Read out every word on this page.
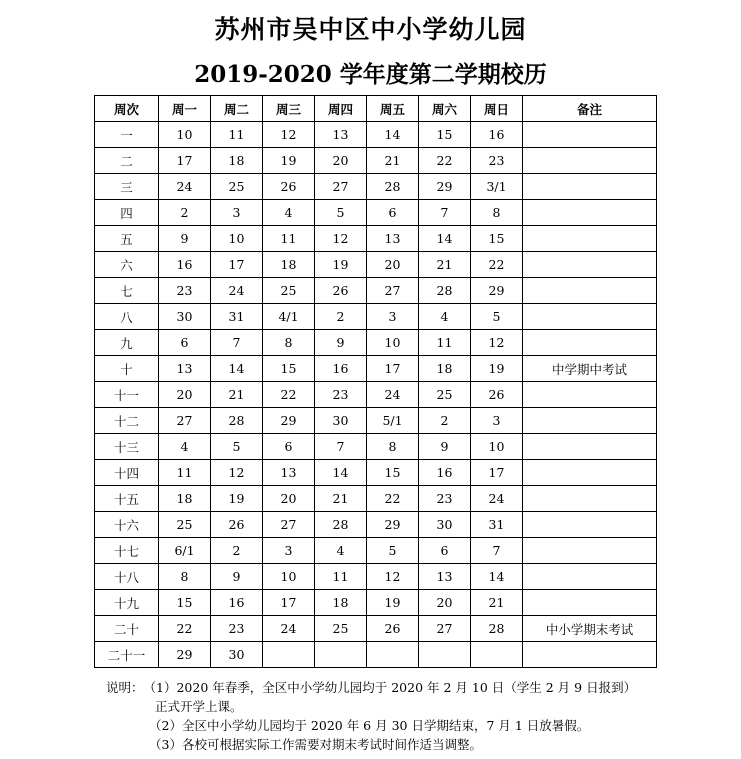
苏州市吴中区中小学幼儿园
2019-2020 学年度第二学期校历
周次	周一	周二	周三	周四	周五	周六	周日	备注
一	10	11	12	13	14	15	16	
二	17	18	19	20	21	22	23	
三	24	25	26	27	28	29	3/1	
四	2	3	4	5	6	7	8	
五	9	10	11	12	13	14	15	
六	16	17	18	19	20	21	22	
七	23	24	25	26	27	28	29	
八	30	31	4/1	2	3	4	5	
九	6	7	8	9	10	11	12	
十	13	14	15	16	17	18	19	中学期中考试
十一	20	21	22	23	24	25	26	
十二	27	28	29	30	5/1	2	3	
十三	4	5	6	7	8	9	10	
十四	11	12	13	14	15	16	17	
十五	18	19	20	21	22	23	24	
十六	25	26	27	28	29	30	31	
十七	6/1	2	3	4	5	6	7	
十八	8	9	10	11	12	13	14	
十九	15	16	17	18	19	20	21	
二十	22	23	24	25	26	27	28	中小学期末考试
二十一	29	30						
说明：（1）2020 年春季，全区中小学幼儿园均于 2020 年 2 月 10 日（学生 2 月 9 日报到）
正式开学上课。
（2）全区中小学幼儿园均于 2020 年 6 月 30 日学期结束，7 月 1 日放暑假。
（3）各校可根据实际工作需要对期末考试时间作适当调整。
